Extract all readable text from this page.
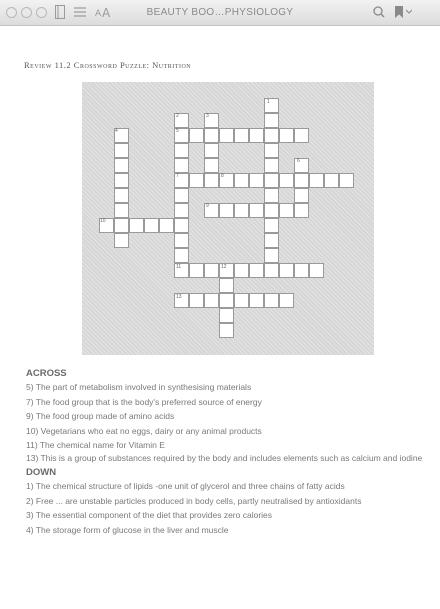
A A	BEAUTY BOO…PHYSIOLOGY
Review 11.2 Crossword Puzzle: Nutrition
1
2	3
4	5
6
7	8
9
10
11	12
13
ACROSS
5) The part of metabolism involved in synthesising materials
7) The food group that is the body's preferred source of energy
9) The food group made of amino acids
10) Vegetarians who eat no eggs, dairy or any animal products
11) The chemical name for Vitamin E
13) This is a group of substances required by the body and includes elements such as calcium and iodine
DOWN
1) The chemical structure of lipids -one unit of glycerol and three chains of fatty acids
2) Free ... are unstable particles produced in body cells, partly neutralised by antioxidants
3) The essential component of the diet that provides zero calories
4) The storage form of glucose in the liver and muscle
